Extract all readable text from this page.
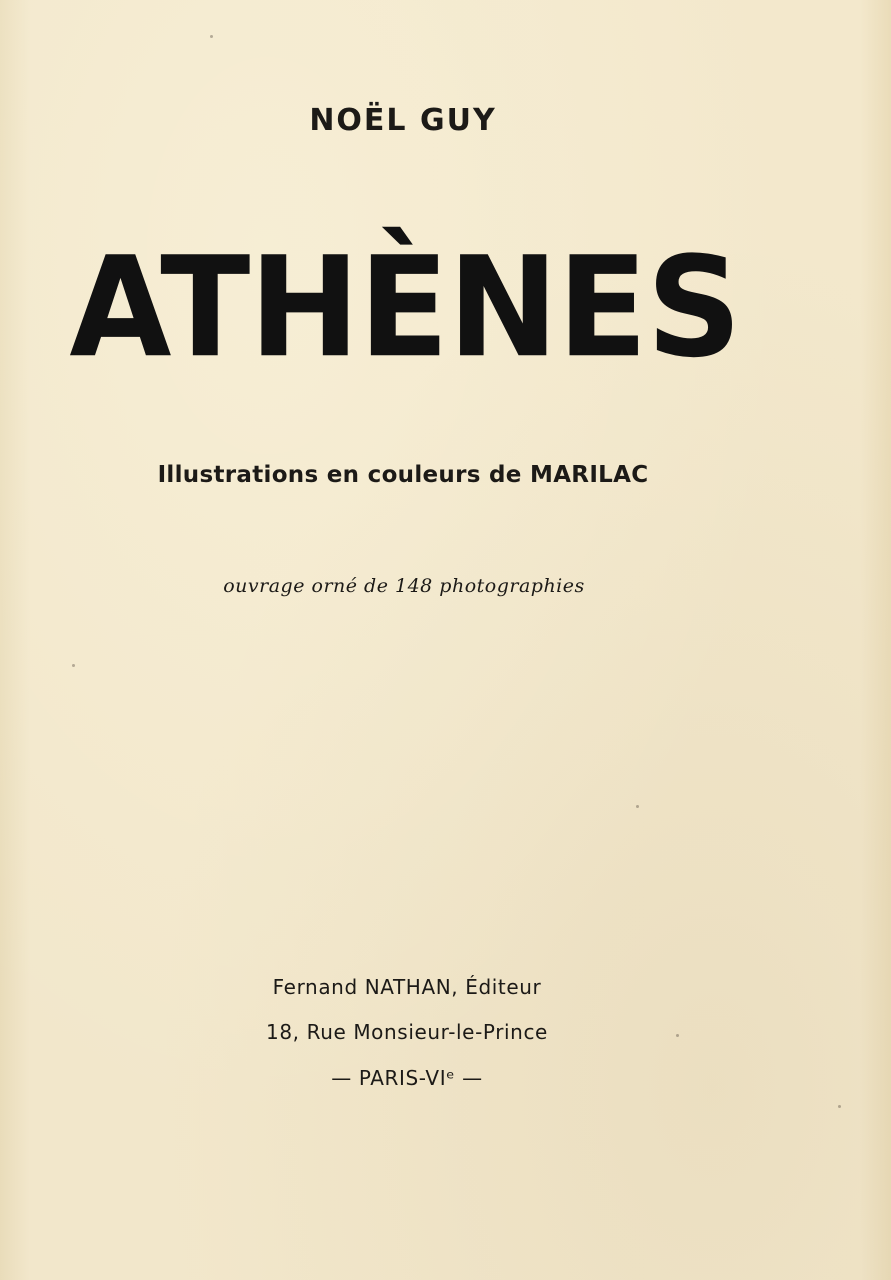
NOËL GUY
ATHÈNES
Illustrations en couleurs de MARILAC
ouvrage orné de 148 photographies
Fernand NATHAN, Éditeur
18, Rue Monsieur-le-Prince
— PARIS-VIᵉ —
